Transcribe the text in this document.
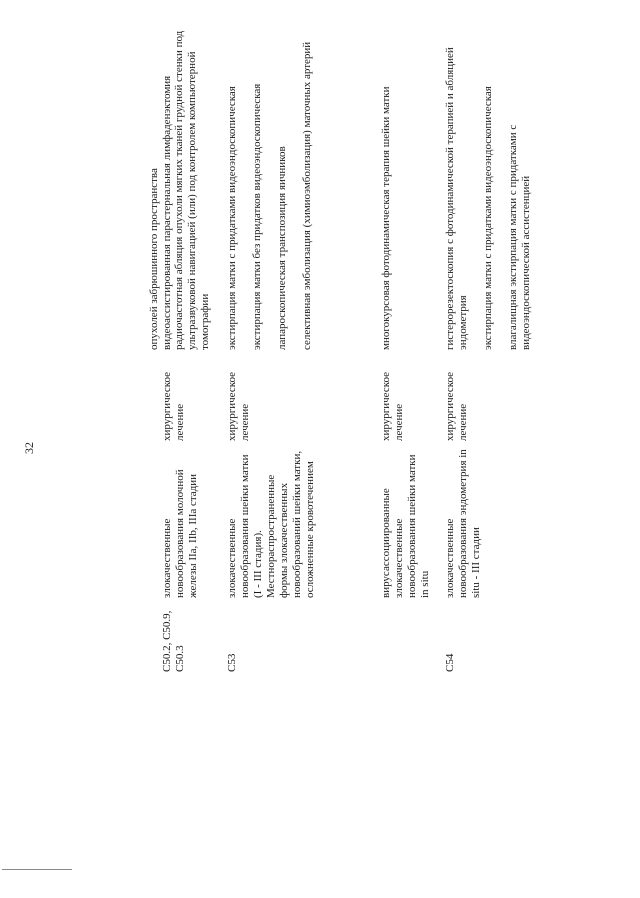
32
опухолей забрюшинного пространства радиочастотная абляция опухоли мягких тканей грудной стенки под ультразвуковой навигацией (или) под контролем компьютерной томографии
C50.2, C50.9, C50.3
злокачественные новообразования молочной железы IIa, IIb, IIIa стадии
хирургическое лечение
видеоассистированная парастернальная лимфаденэктомия
C53
злокачественные новообразования шейки матки (I - III стадия). Местнораспространенные формы злокачественных новообразований шейки матки, осложненные кровотечением
хирургическое лечение
экстирпация матки с придатками видеоэндоскопическая экстирпация матки без придатков видеоэндоскопическая лапароскопическая транспозиция яичников селективная эмболизация (химиоэмболизация) маточных артерий
вирусассоциированные злокачественные новообразования шейки матки in situ
хирургическое лечение
многокурсовая фотодинамическая терапия шейки матки
C54
злокачественные новообразования эндометрия in situ - III стадии
хирургическое лечение
гистерорезектоскопия с фотодинамической терапией и абляцией эндометрия экстирпация матки с придатками видеоэндоскопическая влагалищная экстирпация матки с придатками с видеоэндоскопической ассистенцией
